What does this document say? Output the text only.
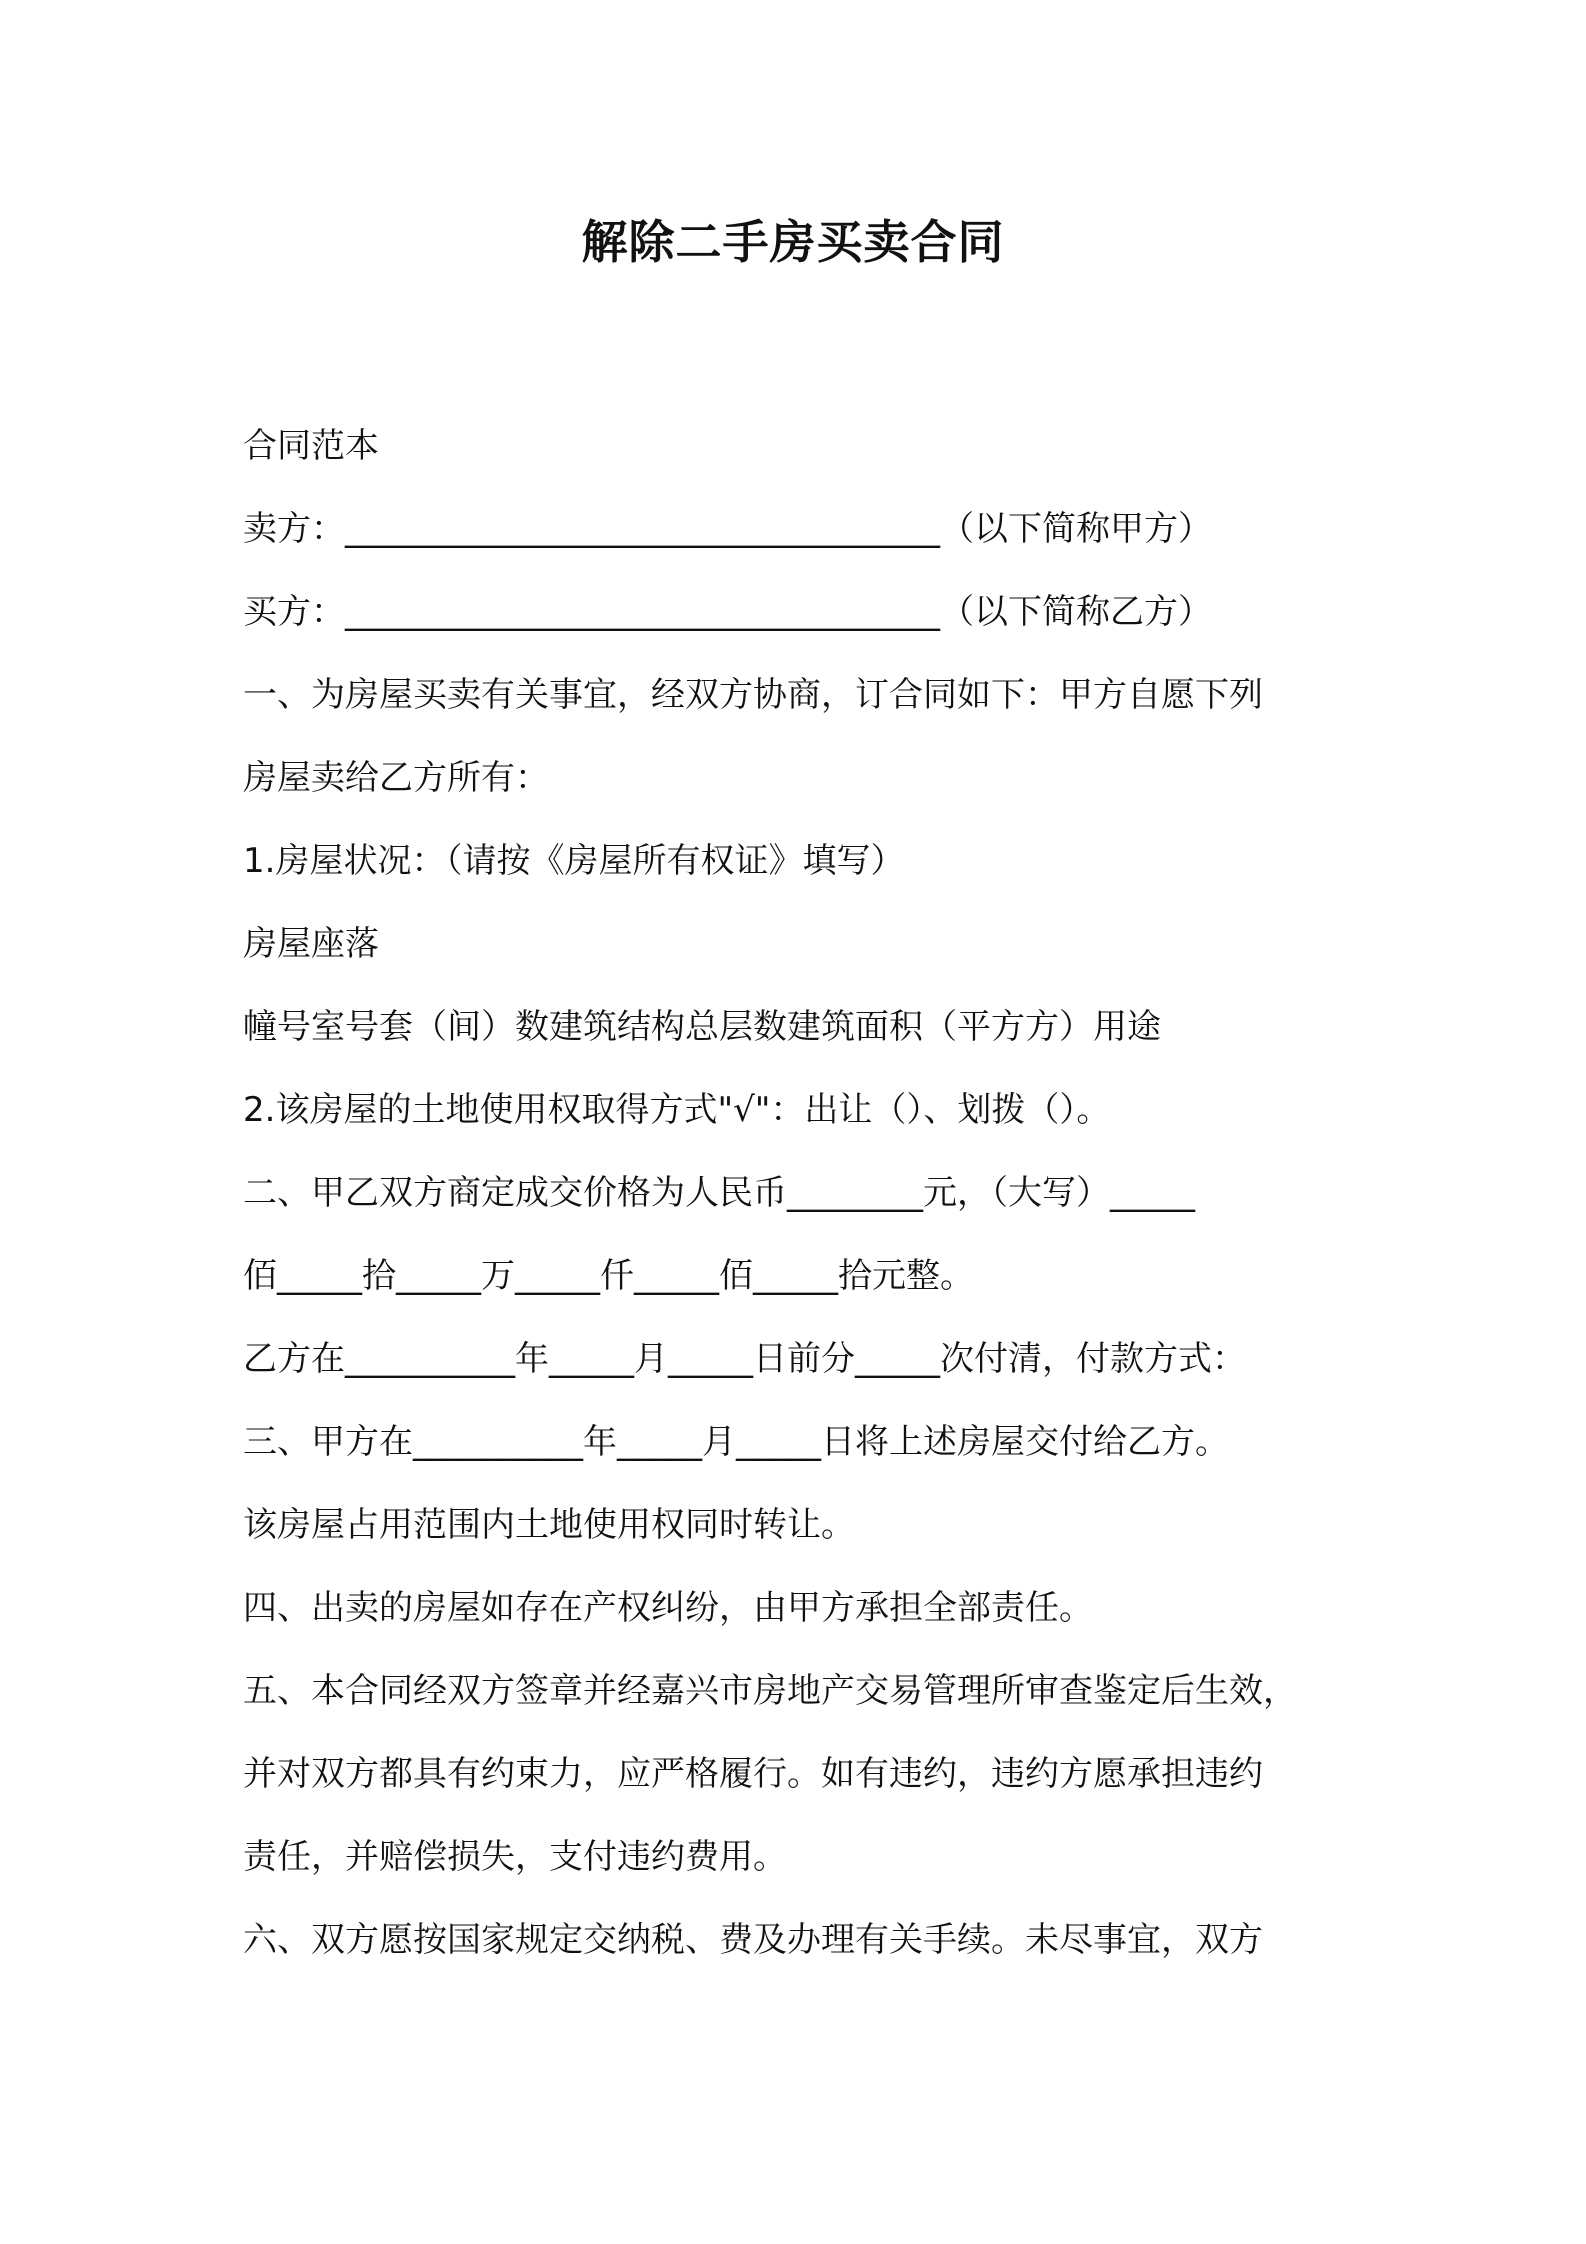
解除二手房买卖合同
合同范本
卖方：___________________________________（以下简称甲方）
买方：___________________________________（以下简称乙方）
一、为房屋买卖有关事宜，经双方协商，订合同如下：甲方自愿下列
房屋卖给乙方所有：
1.房屋状况：（请按《房屋所有权证》填写）
房屋座落
幢号室号套（间）数建筑结构总层数建筑面积（平方方）用途
2.该房屋的土地使用权取得方式"√"：出让（）、划拨（）。
二、甲乙双方商定成交价格为人民币________元，（大写）_____
佰_____拾_____万_____仟_____佰_____拾元整。
乙方在__________年_____月_____日前分_____次付清，付款方式：
三、甲方在__________年_____月_____日将上述房屋交付给乙方。
该房屋占用范围内土地使用权同时转让。
四、出卖的房屋如存在产权纠纷，由甲方承担全部责任。
五、本合同经双方签章并经嘉兴市房地产交易管理所审查鉴定后生效，
并对双方都具有约束力，应严格履行。如有违约，违约方愿承担违约
责任，并赔偿损失，支付违约费用。
六、双方愿按国家规定交纳税、费及办理有关手续。未尽事宜，双方
